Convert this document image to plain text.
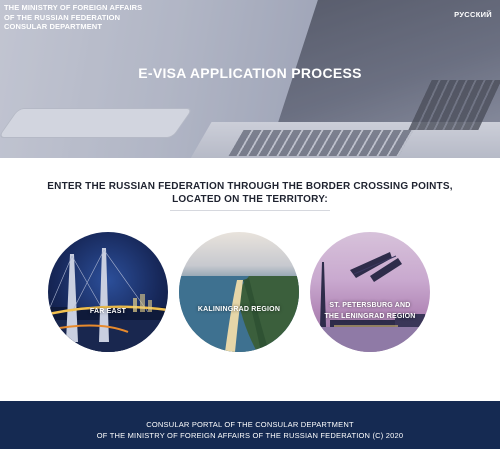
THE MINISTRY OF FOREIGN AFFAIRS
OF THE RUSSIAN FEDERATION
CONSULAR DEPARTMENT
РУССКИЙ
E-VISA APPLICATION PROCESS
ENTER THE RUSSIAN FEDERATION THROUGH THE BORDER CROSSING POINTS,
LOCATED ON THE TERRITORY:
FAR EAST	KALININGRAD REGION
ST. PETERSBURG AND
THE LENINGRAD REGION
CONSULAR PORTAL OF THE CONSULAR DEPARTMENT
OF THE MINISTRY OF FOREIGN AFFAIRS OF THE RUSSIAN FEDERATION (C) 2020
